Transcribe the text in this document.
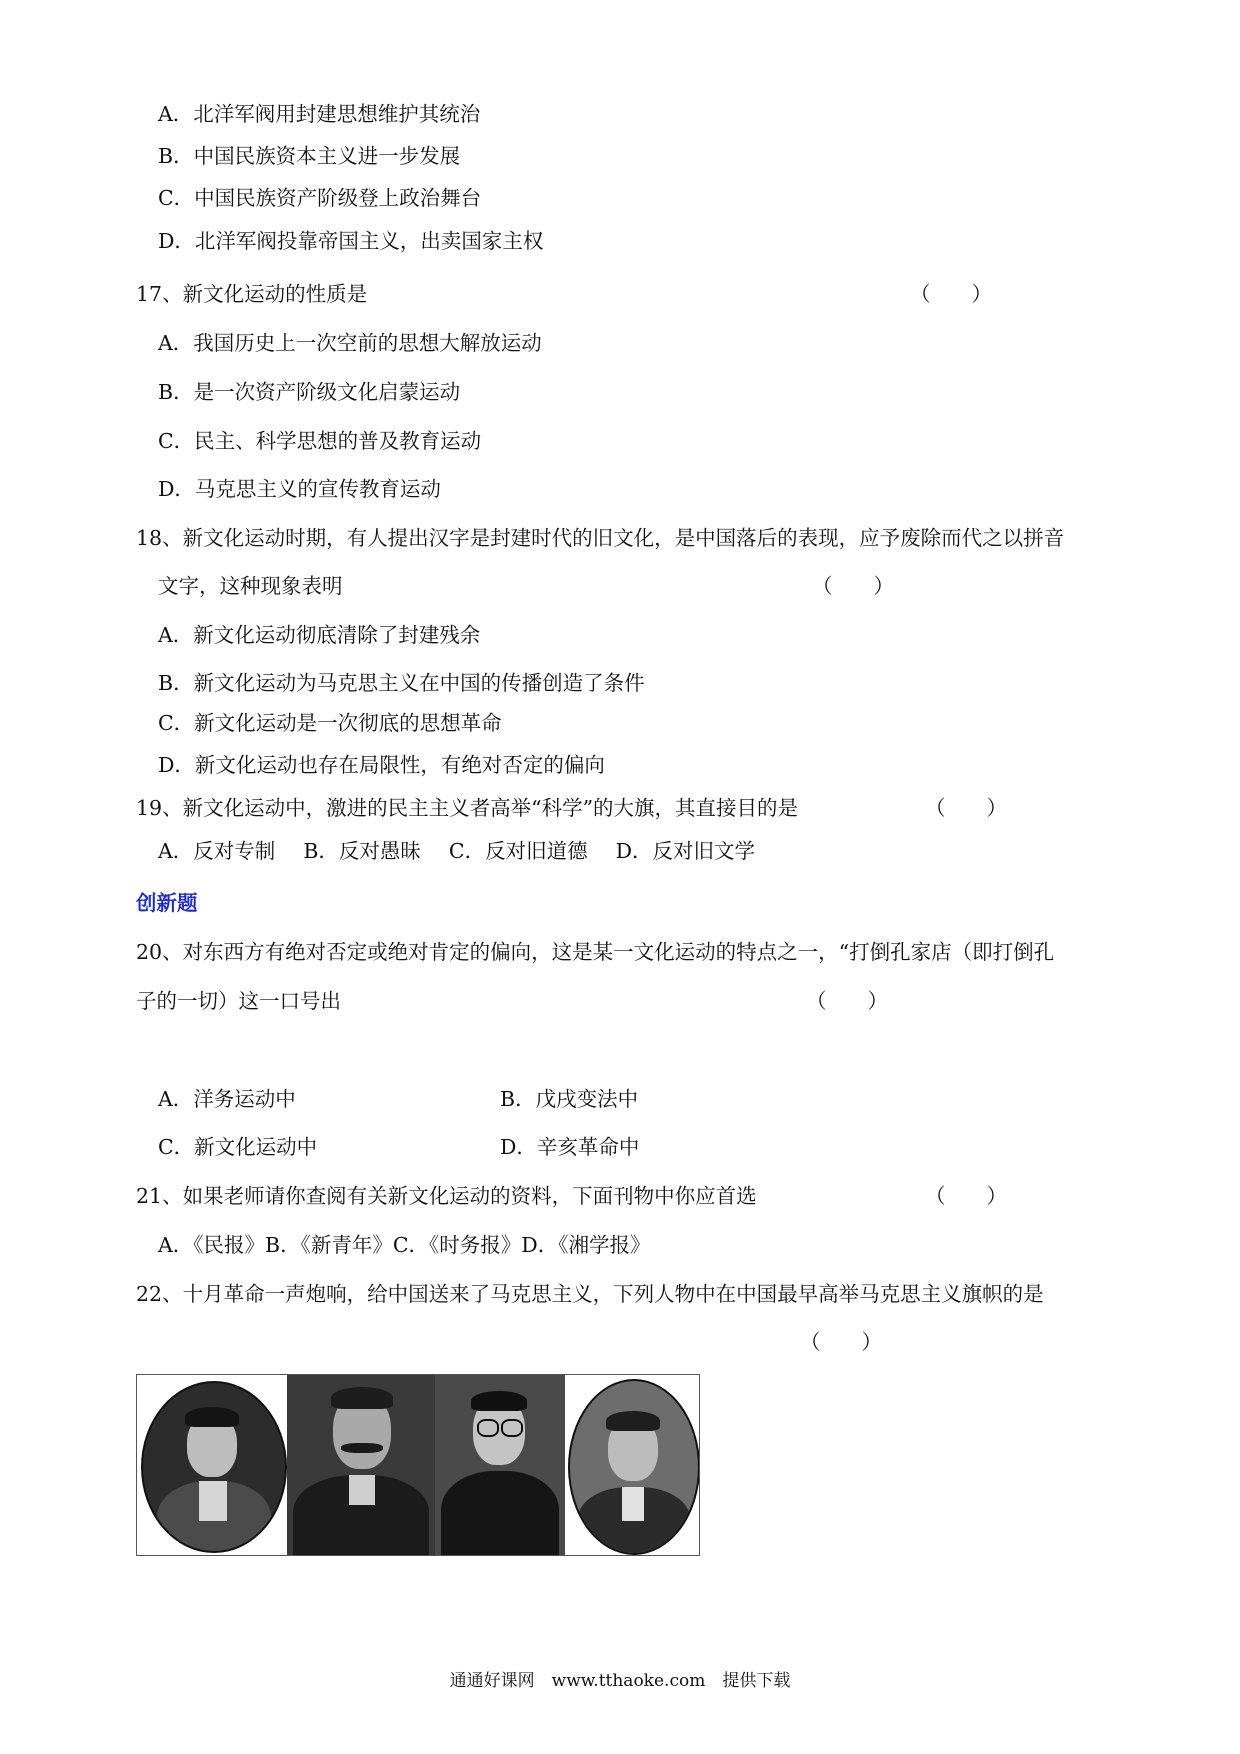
A．北洋军阀用封建思想维护其统治
B．中国民族资本主义进一步发展
C．中国民族资产阶级登上政治舞台
D．北洋军阀投靠帝国主义，出卖国家主权
17、新文化运动的性质是	（　　）
A．我国历史上一次空前的思想大解放运动
B．是一次资产阶级文化启蒙运动
C．民主、科学思想的普及教育运动
D．马克思主义的宣传教育运动
18、新文化运动时期，有人提出汉字是封建时代的旧文化，是中国落后的表现，应予废除而代之以拼音
文字，这种现象表明	（　　）
A．新文化运动彻底清除了封建残余
B．新文化运动为马克思主义在中国的传播创造了条件
C．新文化运动是一次彻底的思想革命
D．新文化运动也存在局限性，有绝对否定的偏向
19、新文化运动中，激进的民主主义者高举“科学”的大旗，其直接目的是	（　　）
A．反对专制 B．反对愚昧 C．反对旧道德 D．反对旧文学
创新题
20、对东西方有绝对否定或绝对肯定的偏向，这是某一文化运动的特点之一，“打倒孔家店（即打倒孔
子的一切）这一口号出	（　　）
A．洋务运动中	B．戊戌变法中
C．新文化运动中	D．辛亥革命中
21、如果老师请你查阅有关新文化运动的资料，下面刊物中你应首选	（　　）
A．《民报》B．《新青年》C．《时务报》D．《湘学报》
22、十月革命一声炮响，给中国送来了马克思主义，下列人物中在中国最早高举马克思主义旗帜的是
（　　）
通通好课网　www.tthaoke.com　提供下载
